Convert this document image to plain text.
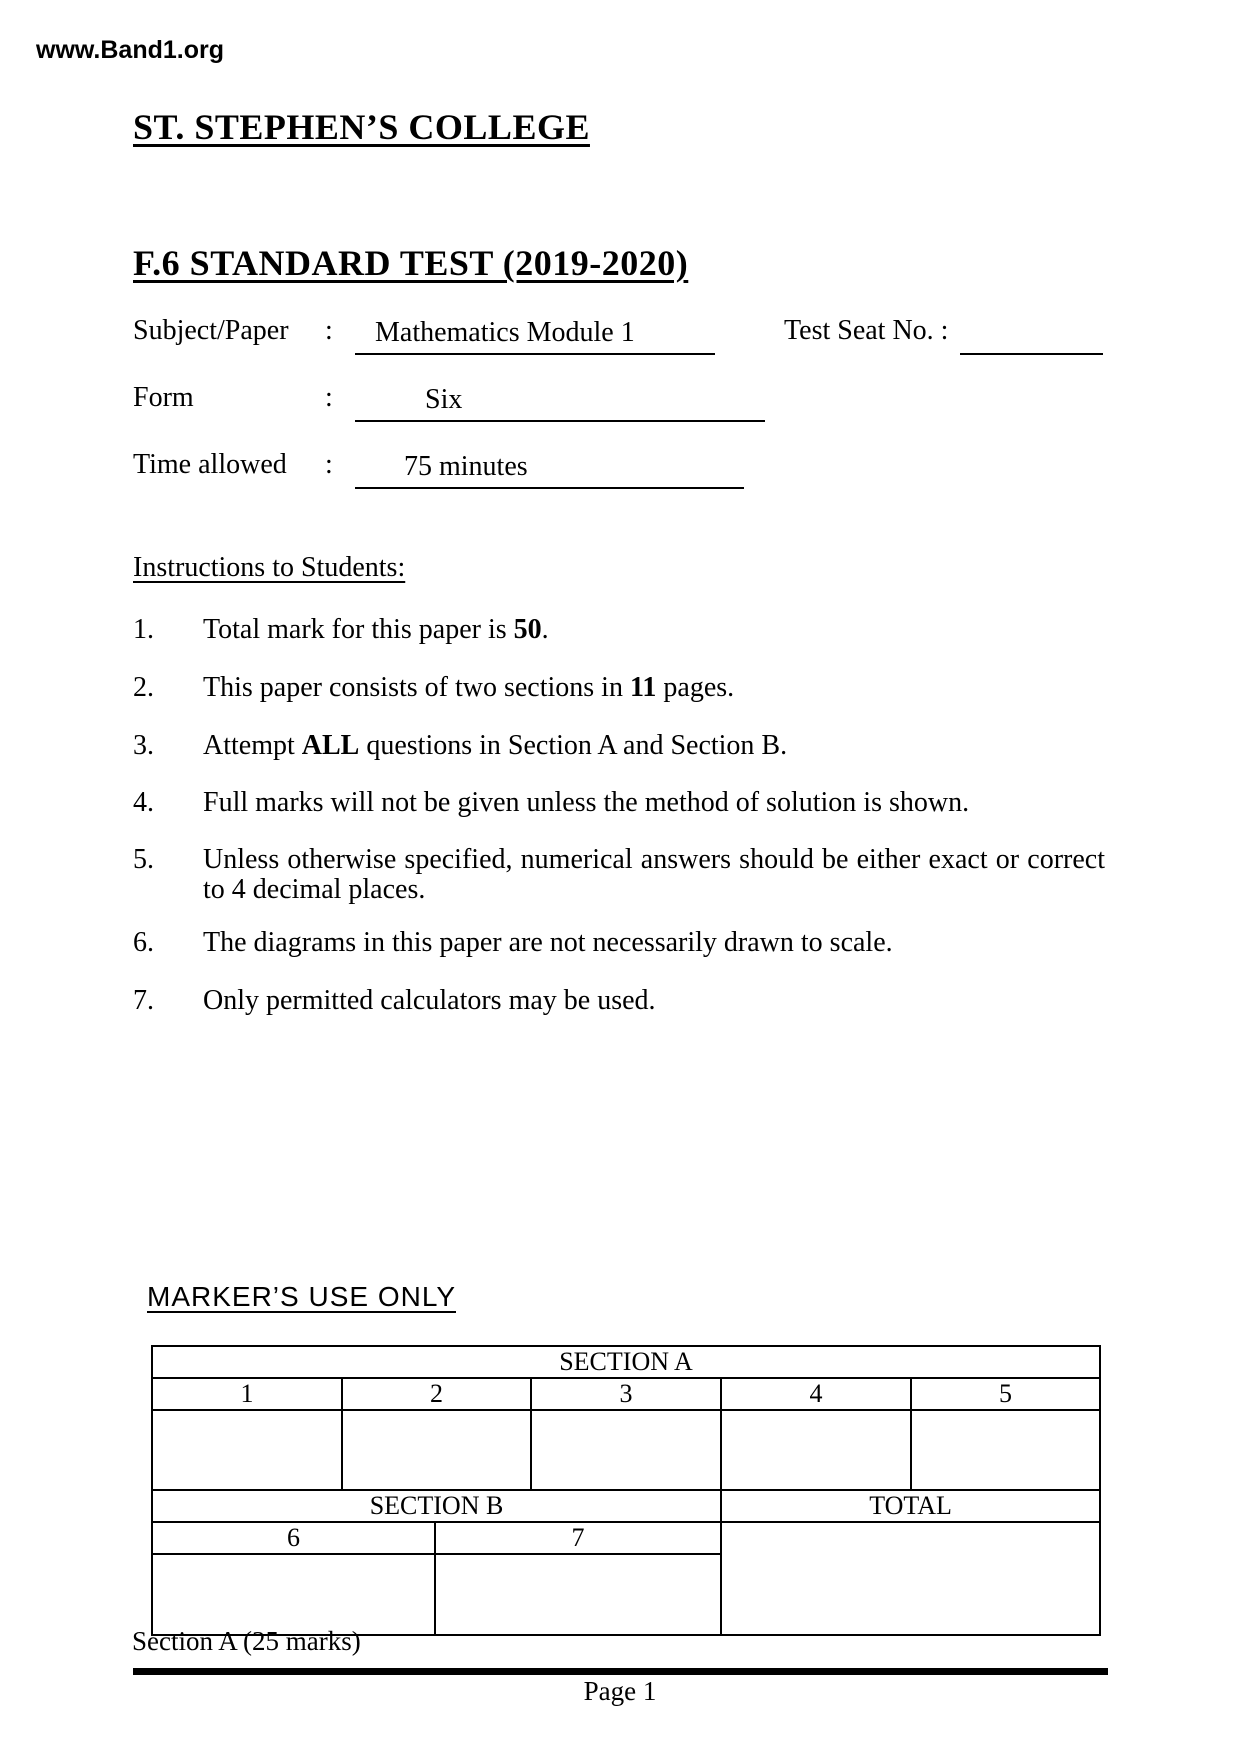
www.Band1.org
ST. STEPHEN’S COLLEGE
F.6 STANDARD TEST (2019-2020)
Subject/Paper :	Mathematics Module 1	Test Seat No. :
Form	:	Six
Time allowed :	75 minutes
Instructions to Students:
1. Total mark for this paper is 50.
2. This paper consists of two sections in 11 pages.
3. Attempt ALL questions in Section A and Section B.
4. Full marks will not be given unless the method of solution is shown.
5. Unless otherwise specified, numerical answers should be either exact or correct to 4 decimal places.
6. The diagrams in this paper are not necessarily drawn to scale.
7. Only permitted calculators may be used.
MARKER’S USE ONLY
SECTION A					
1	2		3	4	5

SECTION B				TOTAL	
6		7			

Section A (25 marks)
Page 1
